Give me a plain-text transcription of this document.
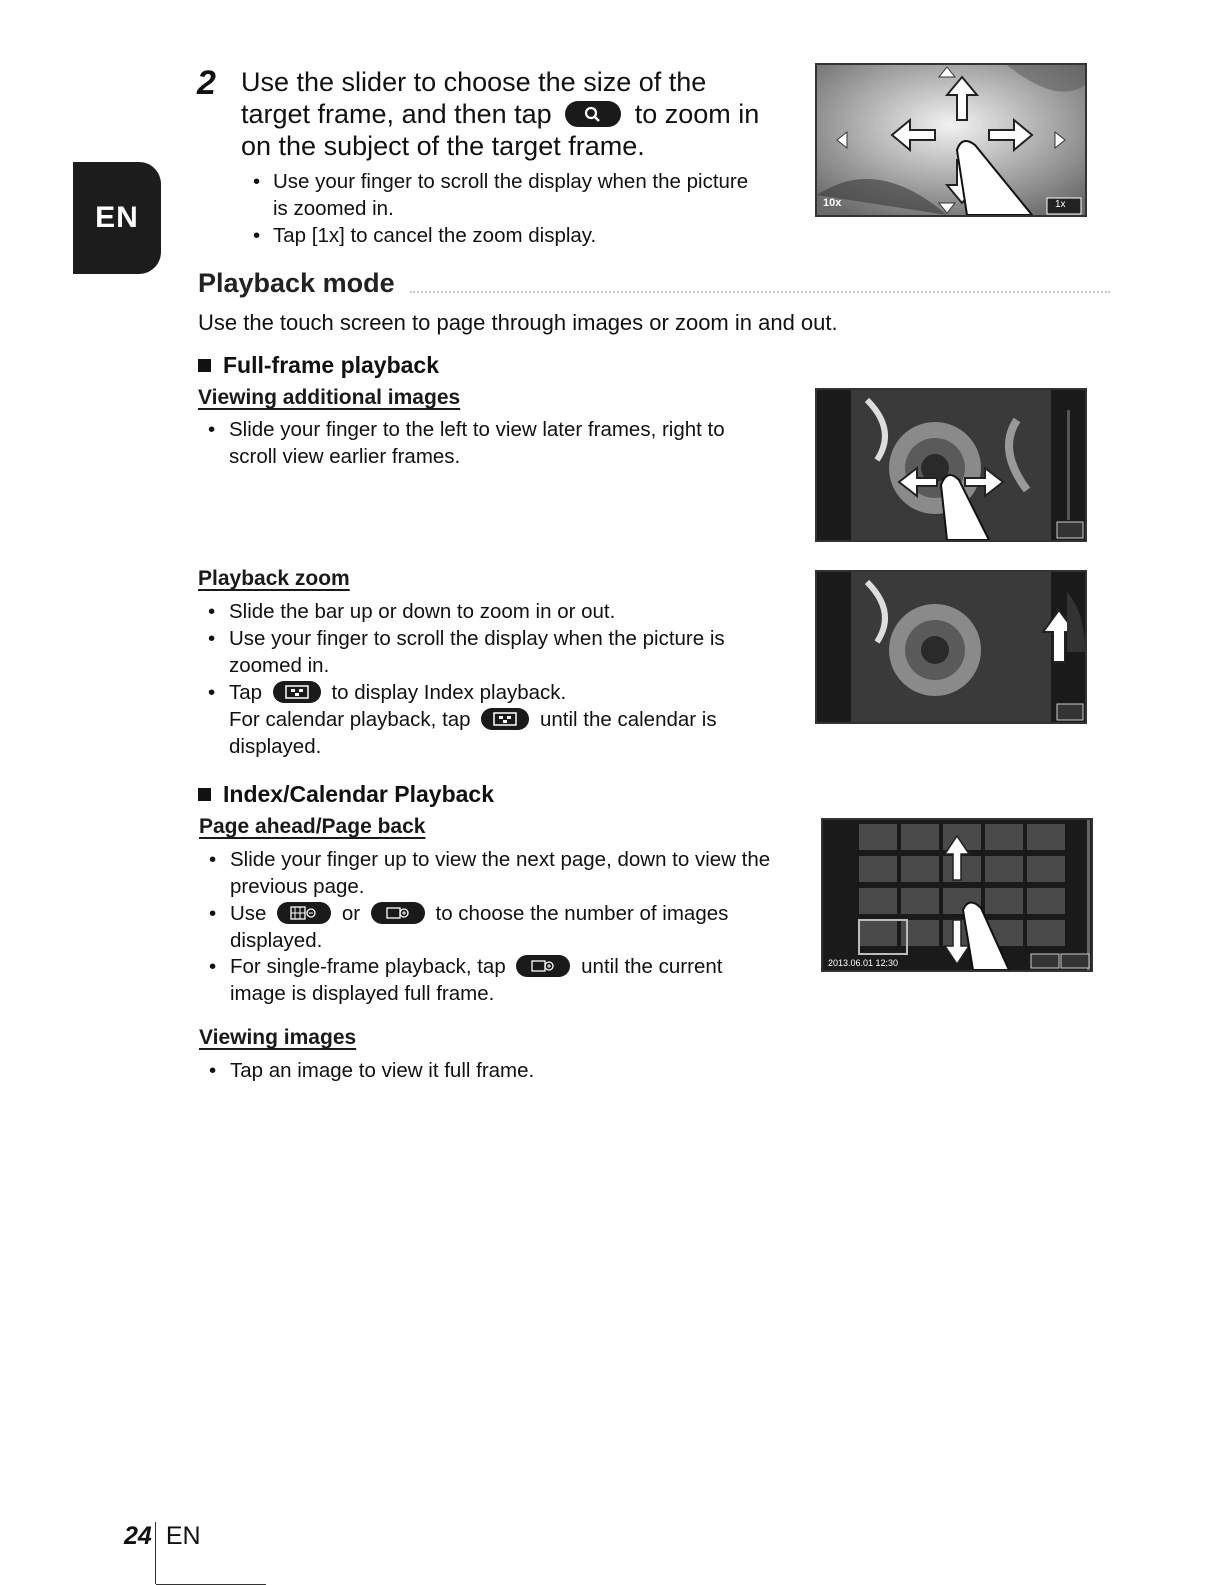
EN
2 Use the slider to choose the size of the
target frame, and then tap	to zoom in
on the subject of the target frame.
• Use your finger to scroll the display when the picture is zoomed in.
• Tap [1x] to cancel the zoom display.
10x	1x
Playback mode
Use the touch screen to page through images or zoom in and out.
Full-frame playback
Viewing additional images
• Slide your finger to the left to view later frames, right to scroll view earlier frames.
Playback zoom
• Slide the bar up or down to zoom in or out.
• Use your finger to scroll the display when the picture is zoomed in.
• Tap	to display Index playback.
For calendar playback, tap	until the calendar is
displayed.
Index/Calendar Playback
Page ahead/Page back
• Slide your finger up to view the next page, down to view the previous page.
• Use	or	to choose the number of images
displayed.
• For single-frame playback, tap	until the current
image is displayed full frame.
2013.06.01 12:30
Viewing images
• Tap an image to view it full frame.
24 EN
